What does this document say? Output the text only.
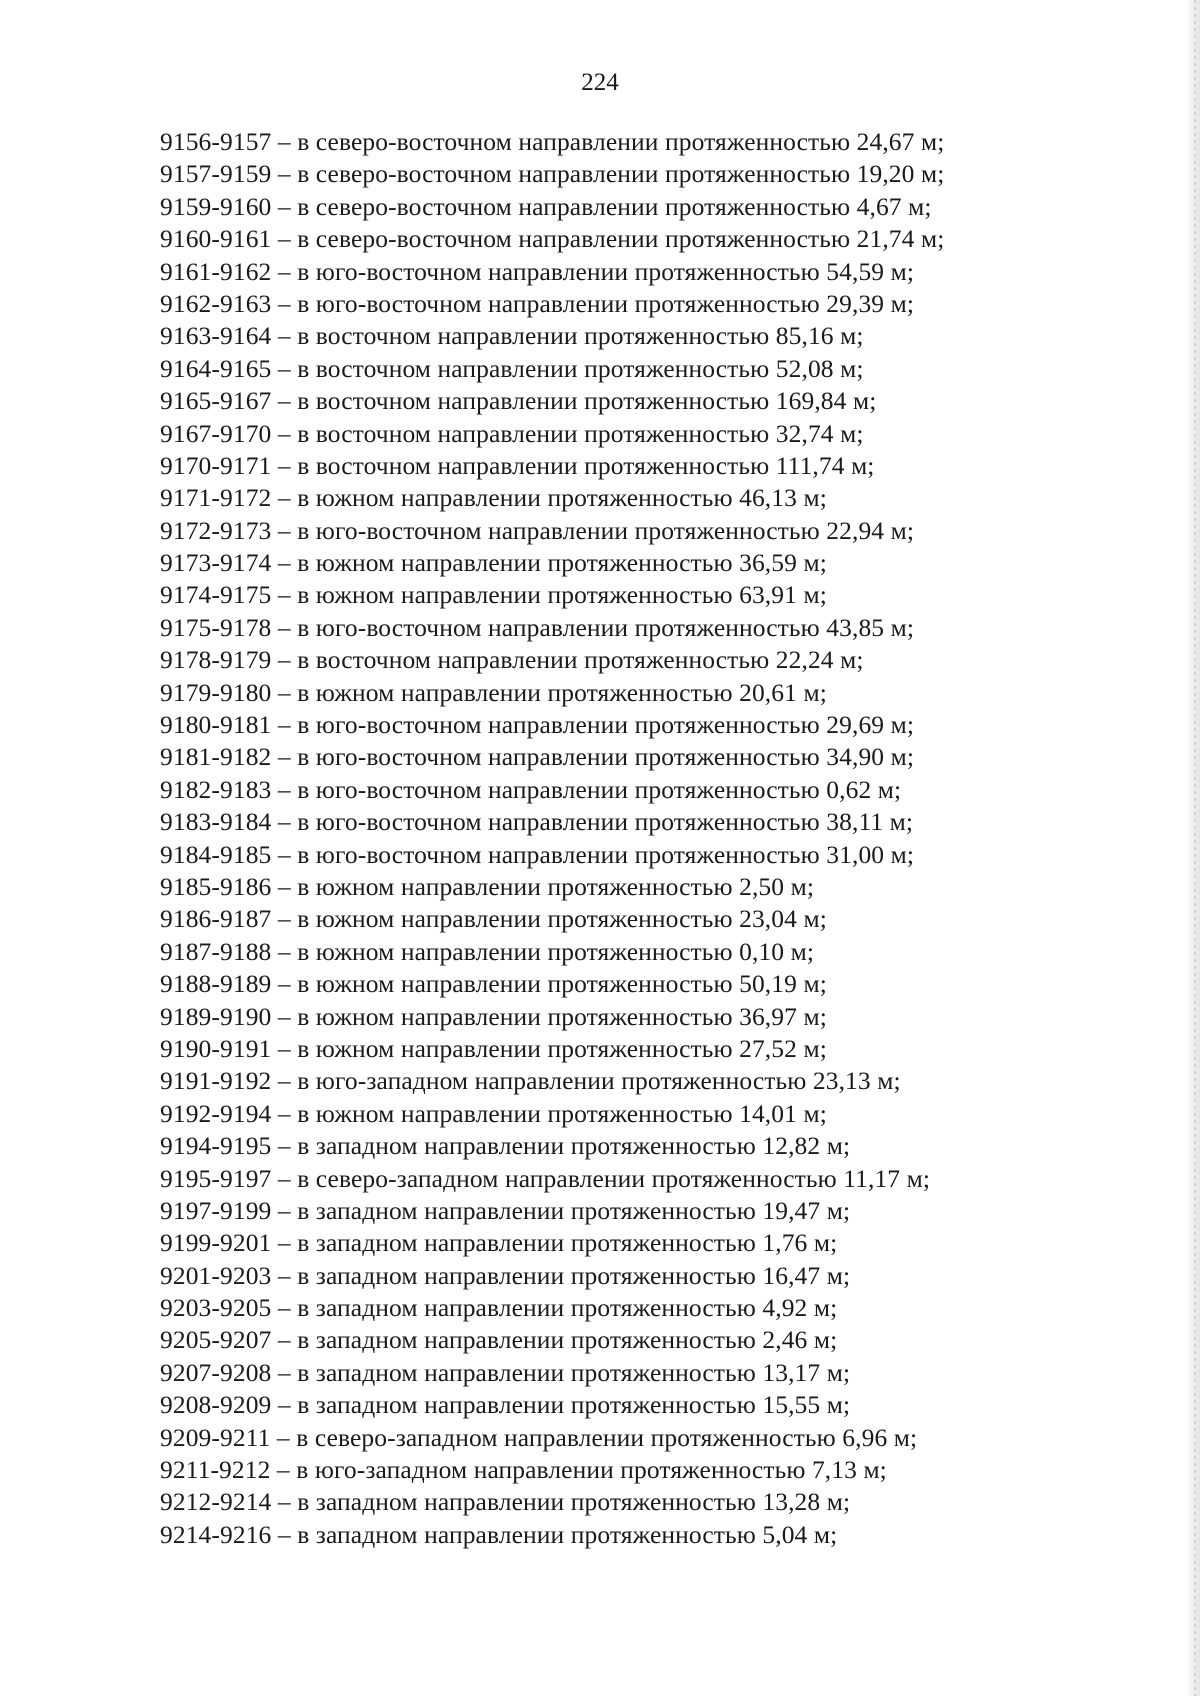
224
9156-9157 – в северо-восточном направлении протяженностью 24,67 м;
9157-9159 – в северо-восточном направлении протяженностью 19,20 м;
9159-9160 – в северо-восточном направлении протяженностью 4,67 м;
9160-9161 – в северо-восточном направлении протяженностью 21,74 м;
9161-9162 – в юго-восточном направлении протяженностью 54,59 м;
9162-9163 – в юго-восточном направлении протяженностью 29,39 м;
9163-9164 – в восточном направлении протяженностью 85,16 м;
9164-9165 – в восточном направлении протяженностью 52,08 м;
9165-9167 – в восточном направлении протяженностью 169,84 м;
9167-9170 – в восточном направлении протяженностью 32,74 м;
9170-9171 – в восточном направлении протяженностью 111,74 м;
9171-9172 – в южном направлении протяженностью 46,13 м;
9172-9173 – в юго-восточном направлении протяженностью 22,94 м;
9173-9174 – в южном направлении протяженностью 36,59 м;
9174-9175 – в южном направлении протяженностью 63,91 м;
9175-9178 – в юго-восточном направлении протяженностью 43,85 м;
9178-9179 – в восточном направлении протяженностью 22,24 м;
9179-9180 – в южном направлении протяженностью 20,61 м;
9180-9181 – в юго-восточном направлении протяженностью 29,69 м;
9181-9182 – в юго-восточном направлении протяженностью 34,90 м;
9182-9183 – в юго-восточном направлении протяженностью 0,62 м;
9183-9184 – в юго-восточном направлении протяженностью 38,11 м;
9184-9185 – в юго-восточном направлении протяженностью 31,00 м;
9185-9186 – в южном направлении протяженностью 2,50 м;
9186-9187 – в южном направлении протяженностью 23,04 м;
9187-9188 – в южном направлении протяженностью 0,10 м;
9188-9189 – в южном направлении протяженностью 50,19 м;
9189-9190 – в южном направлении протяженностью 36,97 м;
9190-9191 – в южном направлении протяженностью 27,52 м;
9191-9192 – в юго-западном направлении протяженностью 23,13 м;
9192-9194 – в южном направлении протяженностью 14,01 м;
9194-9195 – в западном направлении протяженностью 12,82 м;
9195-9197 – в северо-западном направлении протяженностью 11,17 м;
9197-9199 – в западном направлении протяженностью 19,47 м;
9199-9201 – в западном направлении протяженностью 1,76 м;
9201-9203 – в западном направлении протяженностью 16,47 м;
9203-9205 – в западном направлении протяженностью 4,92 м;
9205-9207 – в западном направлении протяженностью 2,46 м;
9207-9208 – в западном направлении протяженностью 13,17 м;
9208-9209 – в западном направлении протяженностью 15,55 м;
9209-9211 – в северо-западном направлении протяженностью 6,96 м;
9211-9212 – в юго-западном направлении протяженностью 7,13 м;
9212-9214 – в западном направлении протяженностью 13,28 м;
9214-9216 – в западном направлении протяженностью 5,04 м;
